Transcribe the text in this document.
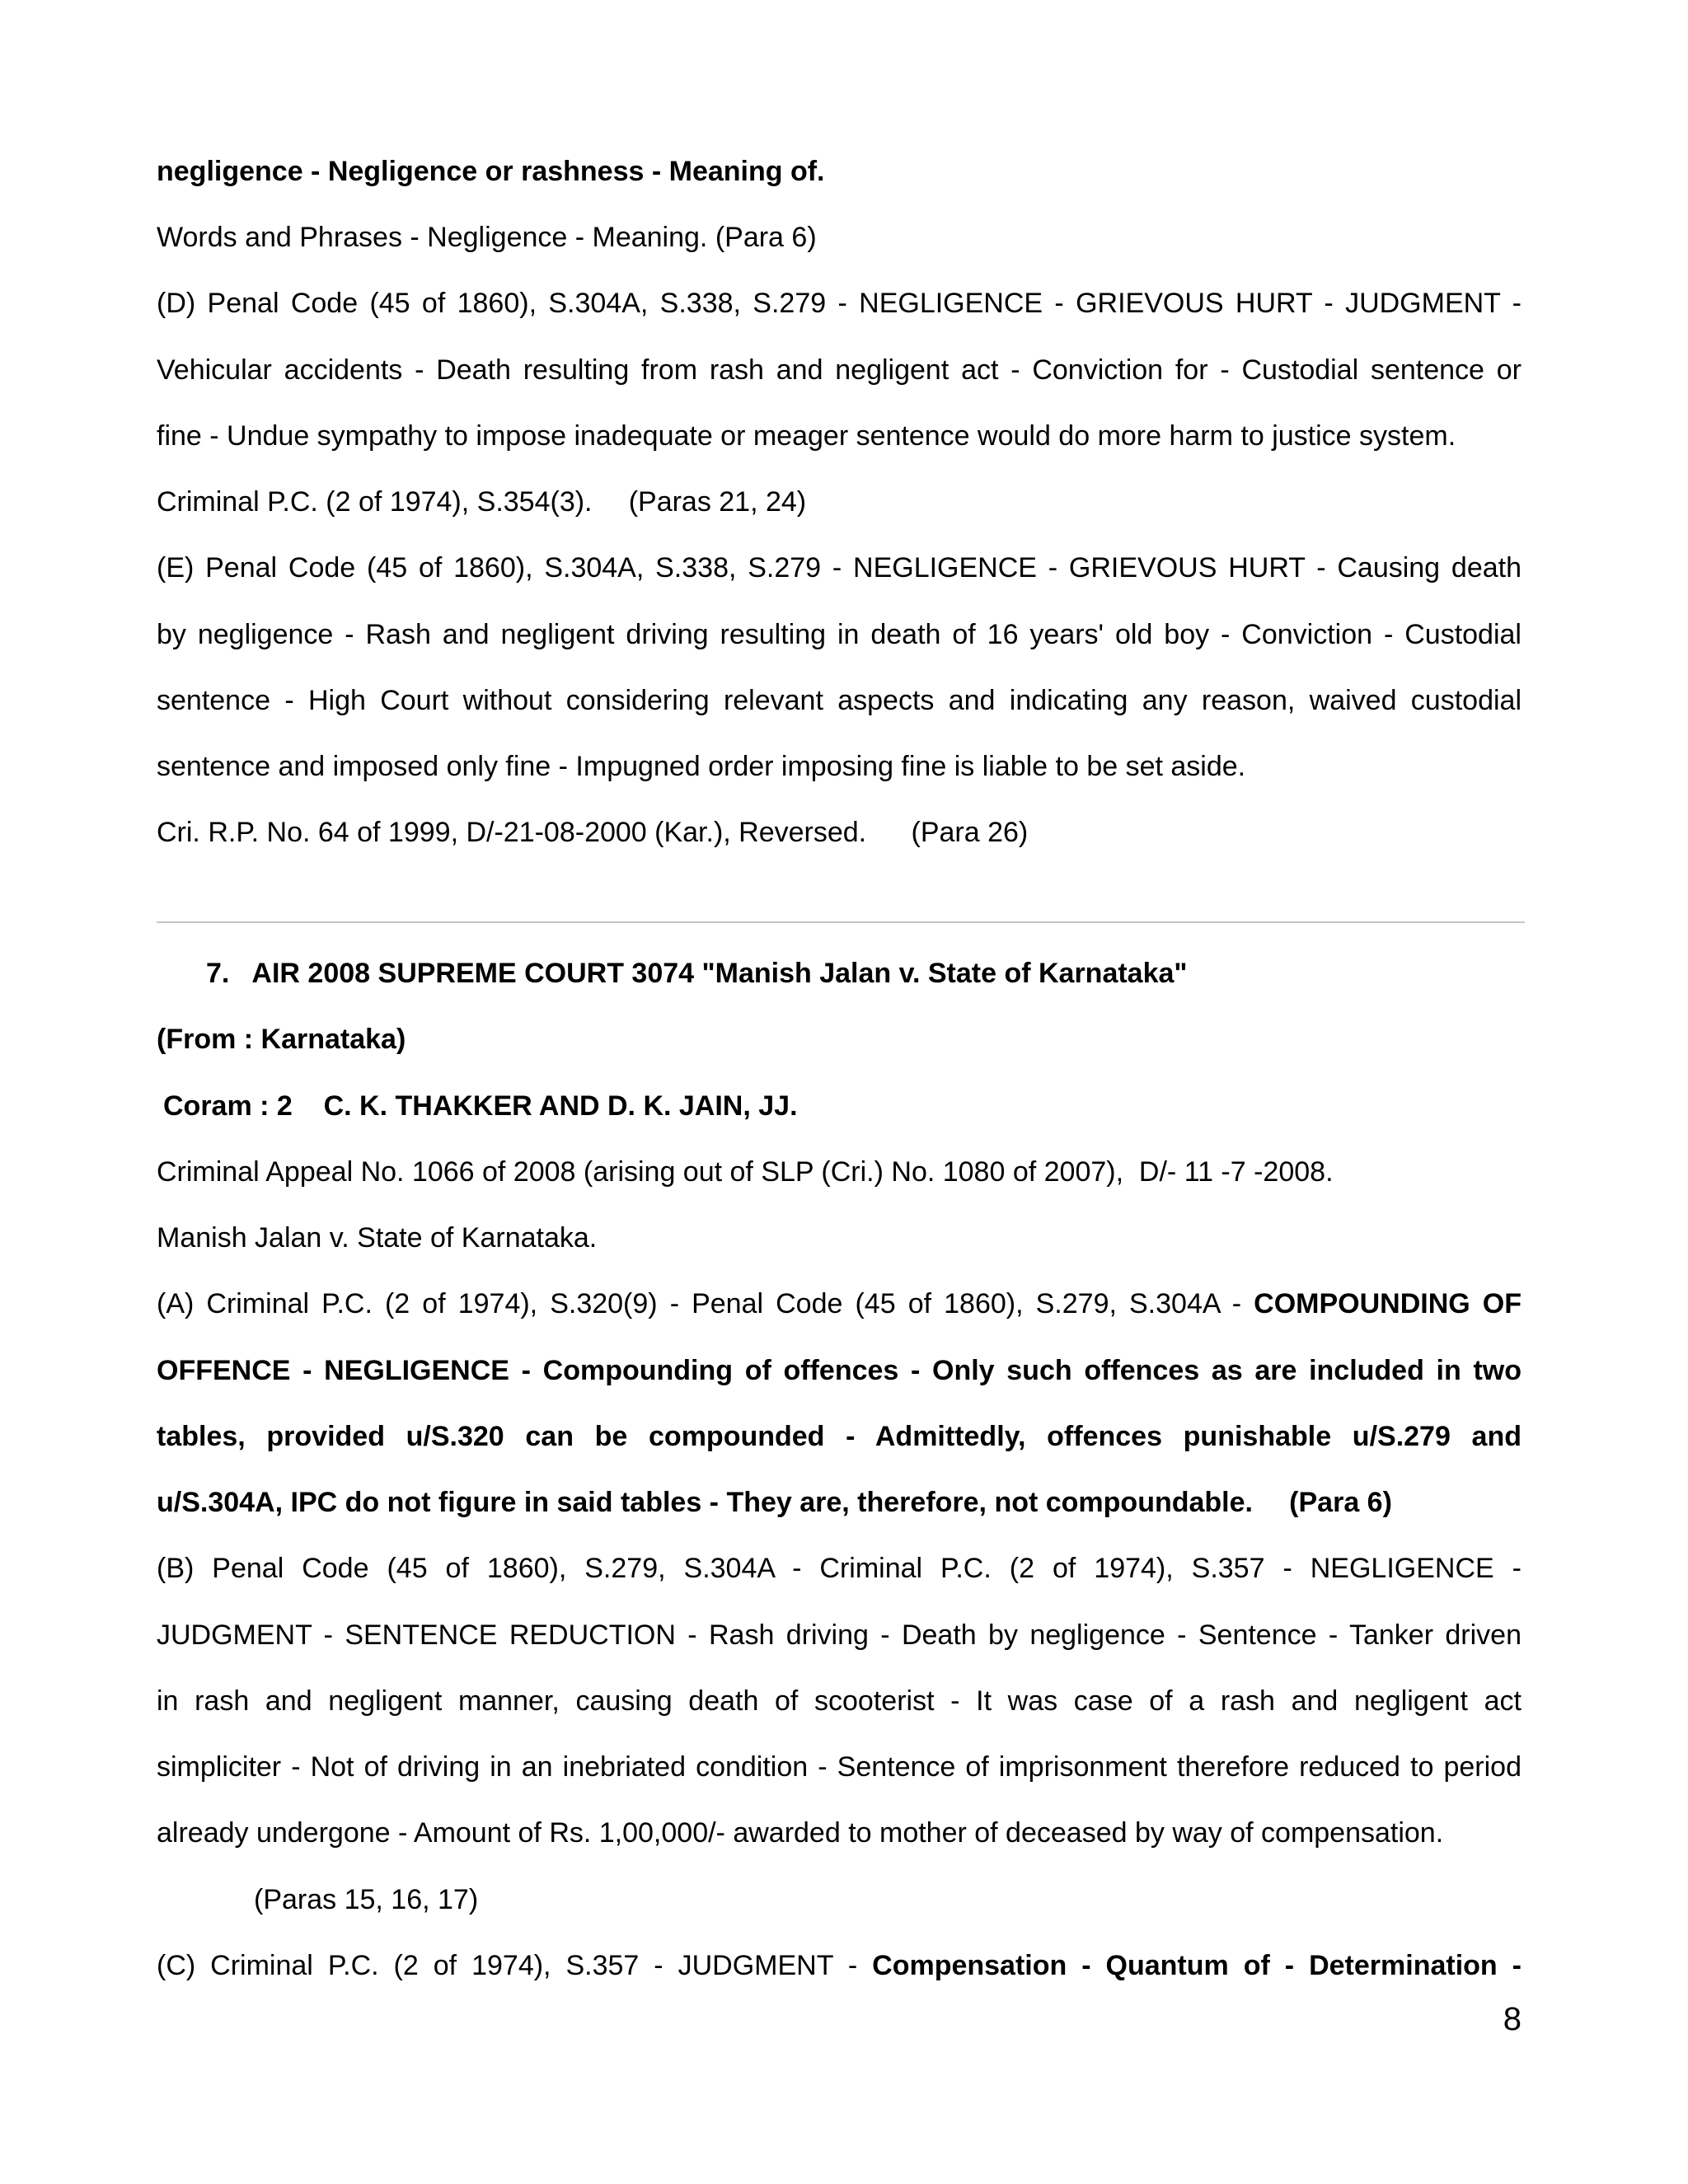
negligence - Negligence or rashness - Meaning of.
Words and Phrases - Negligence - Meaning. (Para 6)
(D) Penal Code (45 of 1860), S.304A, S.338, S.279 - NEGLIGENCE - GRIEVOUS HURT - JUDGMENT -
Vehicular accidents - Death resulting from rash and negligent act - Conviction for - Custodial sentence or
fine - Undue sympathy to impose inadequate or meager sentence would do more harm to justice system.
Criminal P.C. (2 of 1974), S.354(3). (Paras 21, 24)
(E) Penal Code (45 of 1860), S.304A, S.338, S.279 - NEGLIGENCE - GRIEVOUS HURT - Causing death
by negligence - Rash and negligent driving resulting in death of 16 years' old boy - Conviction - Custodial
sentence - High Court without considering relevant aspects and indicating any reason, waived custodial
sentence and imposed only fine - Impugned order imposing fine is liable to be set aside.
Cri. R.P. No. 64 of 1999, D/-21-08-2000 (Kar.), Reversed. (Para 26)
7.   AIR 2008 SUPREME COURT 3074 "Manish Jalan v. State of Karnataka"
(From : Karnataka)
Coram : 2    C. K. THAKKER AND D. K. JAIN, JJ.
Criminal Appeal No. 1066 of 2008 (arising out of SLP (Cri.) No. 1080 of 2007),  D/- 11 -7 -2008.
Manish Jalan v. State of Karnataka.
(A) Criminal P.C. (2 of 1974), S.320(9) - Penal Code (45 of 1860), S.279, S.304A - COMPOUNDING OF
OFFENCE - NEGLIGENCE - Compounding of offences - Only such offences as are included in two
tables, provided u/S.320 can be compounded - Admittedly, offences punishable u/S.279 and
u/S.304A, IPC do not figure in said tables - They are, therefore, not compoundable. (Para 6)
(B) Penal Code (45 of 1860), S.279, S.304A - Criminal P.C. (2 of 1974), S.357 - NEGLIGENCE -
JUDGMENT - SENTENCE REDUCTION - Rash driving - Death by negligence - Sentence - Tanker driven
in rash and negligent manner, causing death of scooterist - It was case of a rash and negligent act
simpliciter - Not of driving in an inebriated condition - Sentence of imprisonment therefore reduced to period
already undergone - Amount of Rs. 1,00,000/- awarded to mother of deceased by way of compensation.
(Paras 15, 16, 17)
(C) Criminal P.C. (2 of 1974), S.357 - JUDGMENT - Compensation - Quantum of - Determination -
8
